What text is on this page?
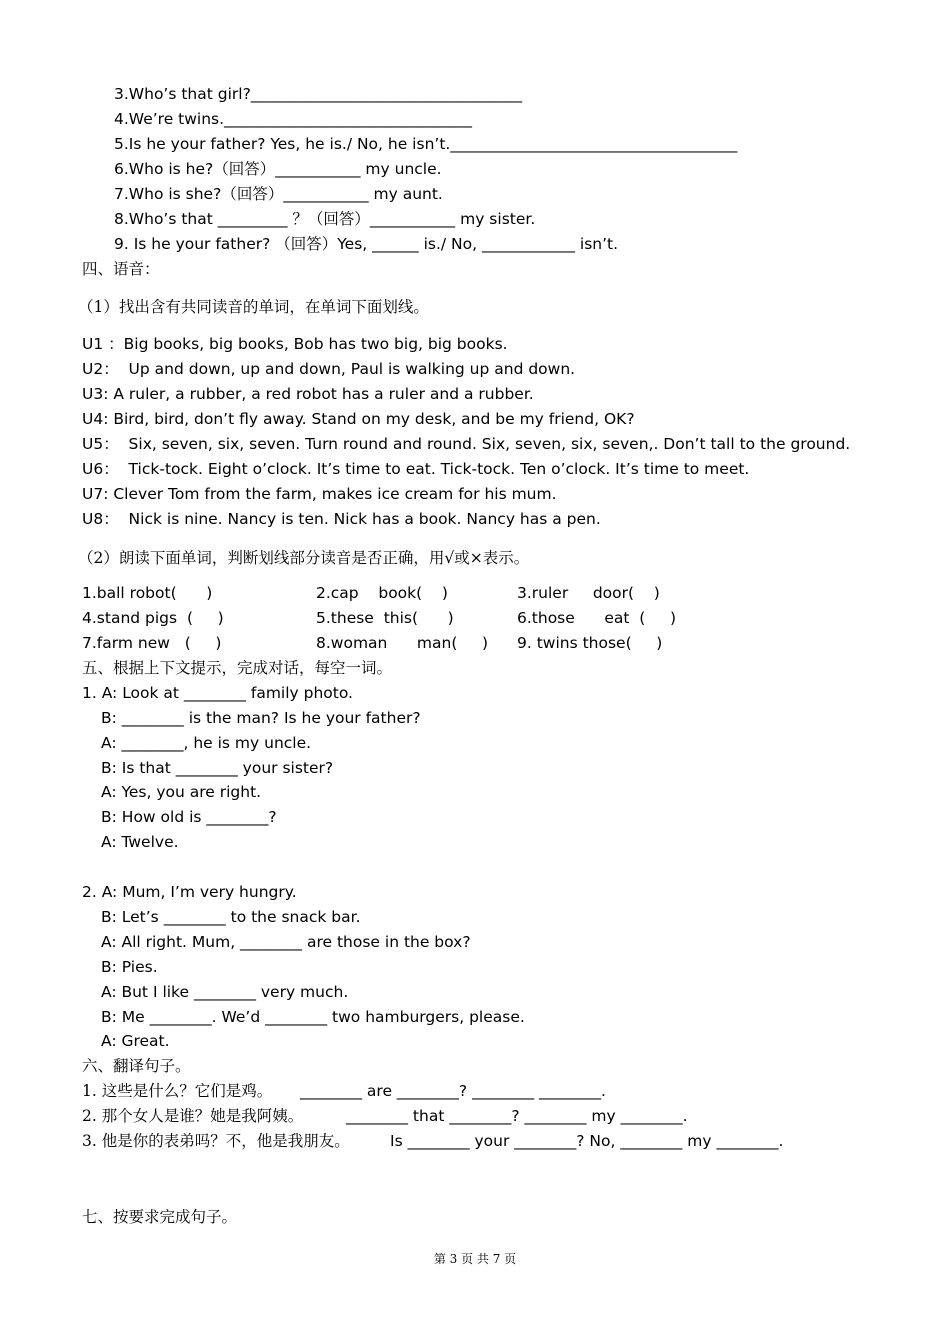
3.Who’s that girl?___________________________________
4.We’re twins.________________________________
5.Is he your father? Yes, he is./ No, he isn’t._____________________________________
6.Who is he?（回答）___________ my uncle.
7.Who is she?（回答）___________ my aunt.
8.Who’s that _________ ？（回答）___________ my sister.
9. Is he your father? （回答）Yes, ______ is./ No, ____________ isn’t.
四、语音：
（1）找出含有共同读音的单词，在单词下面划线。
U1 ：Big books, big books, Bob has two big, big books.
U2：  Up and down, up and down, Paul is walking up and down.
U3: A ruler, a rubber, a red robot has a ruler and a rubber.
U4: Bird, bird, don’t fly away. Stand on my desk, and be my friend, OK?
U5：  Six, seven, six, seven. Turn round and round. Six, seven, six, seven,. Don’t tall to the ground.
U6：  Tick-tock. Eight o’clock. It’s time to eat. Tick-tock. Ten o’clock. It’s time to meet.
U7: Clever Tom from the farm, makes ice cream for his mum.
U8：  Nick is nine. Nancy is ten. Nick has a book. Nancy has a pen.
（2）朗读下面单词，判断划线部分读音是否正确，用√或×表示。
1.ball robot(      )	2.cap    book(    )	3.ruler     door(    )
4.stand pigs  (     )	5.these  this(      )	6.those      eat  (     )
7.farm new   (     )	8.woman      man(     ) 9. twins those(     )
五、根据上下文提示，完成对话，每空一词。
1. A: Look at ________ family photo.
B: ________ is the man? Is he your father?
A: ________, he is my uncle.
B: Is that ________ your sister?
A: Yes, you are right.
B: How old is ________?
A: Twelve.
2. A: Mum, I’m very hungry.
B: Let’s ________ to the snack bar.
A: All right. Mum, ________ are those in the box?
B: Pies.
A: But I like ________ very much.
B: Me ________. We’d ________ two hamburgers, please.
A: Great.
六、翻译句子。
1. 这些是什么？它们是鸡。 ________ are ________? ________ ________.
2. 那个女人是谁？她是我阿姨。	________ that ________? ________ my ________.
3. 他是你的表弟吗？不，他是我朋友。	Is ________ your ________? No, ________ my ________.
七、按要求完成句子。
第 3 页 共 7 页
